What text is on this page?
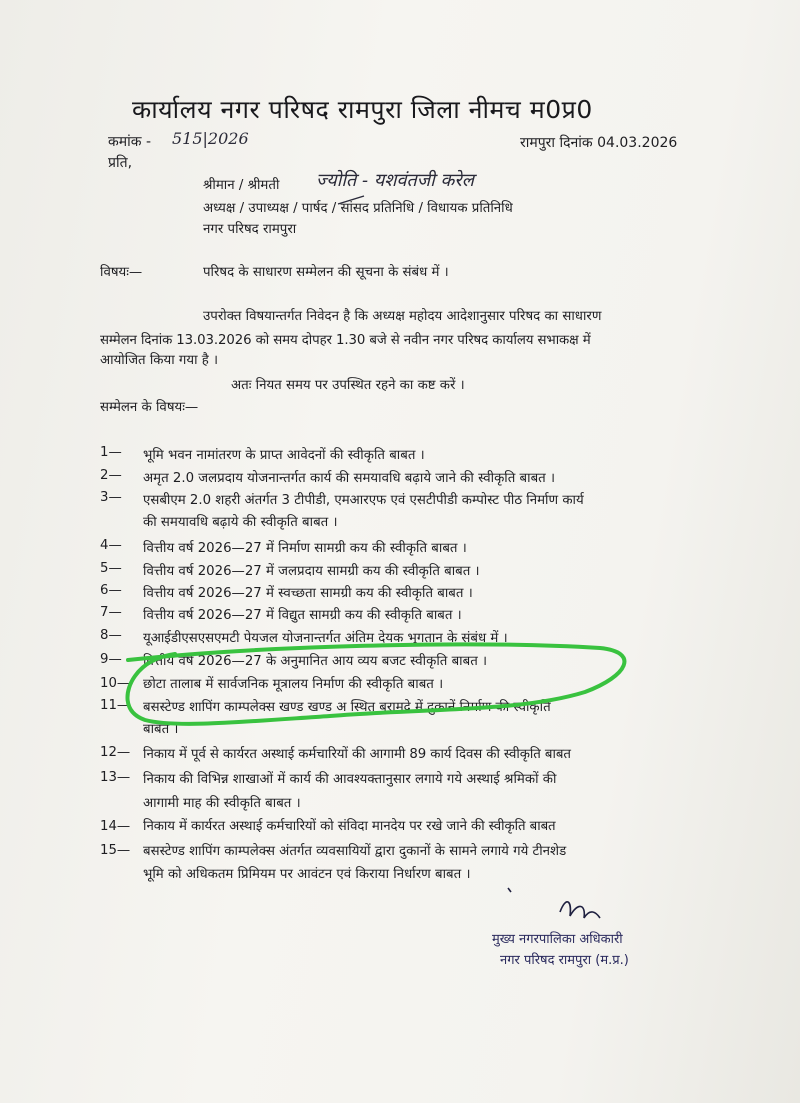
कार्यालय नगर परिषद रामपुरा जिला नीमच म0प्र0
कमांक - 515|2026	रामपुरा दिनांक 04.03.2026
प्रति,
श्रीमान / श्रीमती ज्योति - यशवंतजी करेल
अध्यक्ष / उपाध्यक्ष / पार्षद / सांसद प्रतिनिधि / विधायक प्रतिनिधि
नगर परिषद रामपुरा
विषयः—	परिषद के साधारण सम्मेलन की सूचना के संबंध में ।
उपरोक्त विषयान्तर्गत निवेदन है कि अध्यक्ष महोदय आदेशानुसार परिषद का साधारण
सम्मेलन दिनांक 13.03.2026 को समय दोपहर 1.30 बजे से नवीन नगर परिषद कार्यालय सभाकक्ष में
आयोजित किया गया है ।
अतः नियत समय पर उपस्थित रहने का कष्ट करें ।
सम्मेलन के विषयः—
1— भूमि भवन नामांतरण के प्राप्त आवेदनों की स्वीकृति बाबत ।
2— अमृत 2.0 जलप्रदाय योजनान्तर्गत कार्य की समयावधि बढ़ाये जाने की स्वीकृति बाबत ।
3— एसबीएम 2.0 शहरी अंतर्गत 3 टीपीडी, एमआरएफ एवं एसटीपीडी कम्पोस्ट पीठ निर्माण कार्य
की समयावधि बढ़ाये की स्वीकृति बाबत ।
4— वित्तीय वर्ष 2026—27 में निर्माण सामग्री कय की स्वीकृति बाबत ।
5— वित्तीय वर्ष 2026—27 में जलप्रदाय सामग्री कय की स्वीकृति बाबत ।
6— वित्तीय वर्ष 2026—27 में स्वच्छता सामग्री कय की स्वीकृति बाबत ।
7— वित्तीय वर्ष 2026—27 में विद्युत सामग्री कय की स्वीकृति बाबत ।
8— यूआईडीएसएसएमटी पेयजल योजनान्तर्गत अंतिम देयक भुगतान के संबंध में ।
9— वित्तीय वर्ष 2026—27 के अनुमानित आय व्यय बजट स्वीकृति बाबत ।
10— छोटा तालाब में सार्वजनिक मूत्रालय निर्माण की स्वीकृति बाबत ।
11— बसस्टेण्ड शापिंग काम्पलेक्स खण्ड खण्ड अ स्थित बरामदे में दुकानें निर्माण की स्वीकृति
बाबत ।
12— निकाय में पूर्व से कार्यरत अस्थाई कर्मचारियों की आगामी 89 कार्य दिवस की स्वीकृति बाबत
13— निकाय की विभिन्न शाखाओं में कार्य की आवश्यक्तानुसार लगाये गये अस्थाई श्रमिकों की
आगामी माह की स्वीकृति बाबत ।
14— निकाय में कार्यरत अस्थाई कर्मचारियों को संविदा मानदेय पर रखे जाने की स्वीकृति बाबत
15— बसस्टेण्ड शापिंग काम्पलेक्स अंतर्गत व्यवसायियों द्वारा दुकानों के सामने लगाये गये टीनशेड
भूमि को अधिकतम प्रिमियम पर आवंटन एवं किराया निर्धारण बाबत ।
मुख्य नगरपालिका अधिकारी
नगर परिषद रामपुरा (म.प्र.)
